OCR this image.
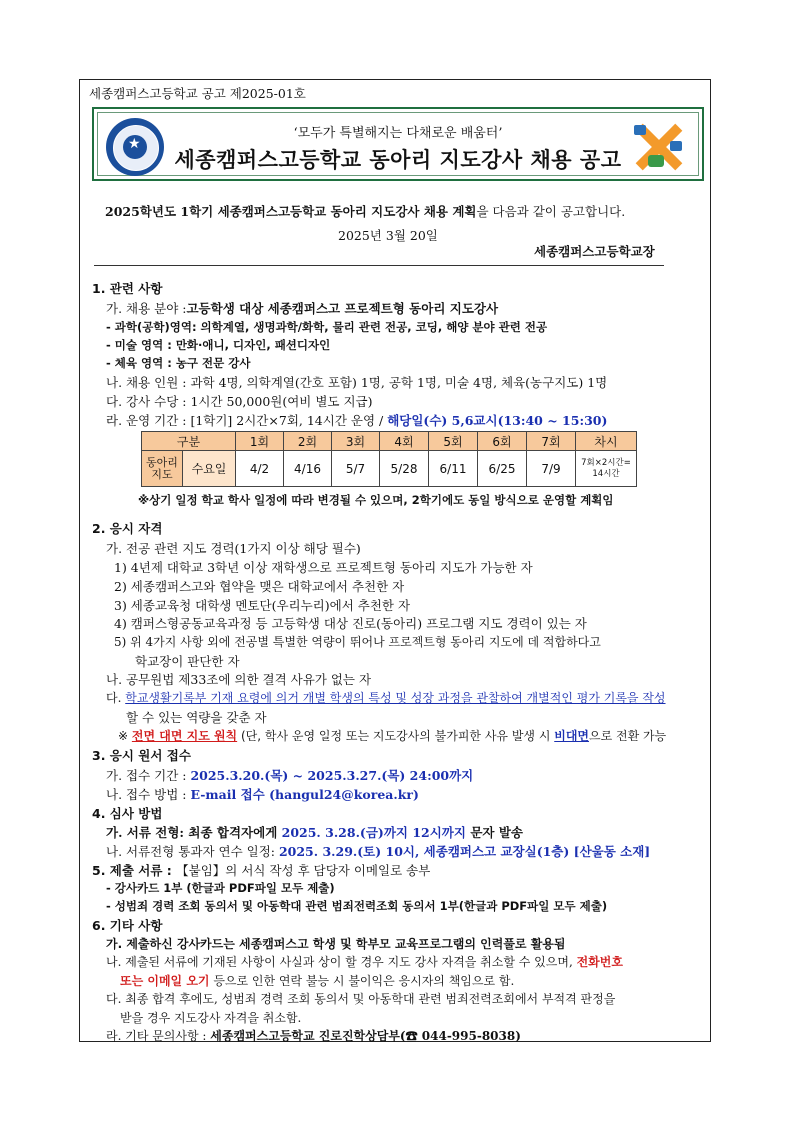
세종캠퍼스고등학교 공고 제2025-01호
★
‘모두가 특별해지는 다채로운 배움터’
세종캠퍼스고등학교 동아리 지도강사 채용 공고
2025학년도 1학기 세종캠퍼스고등학교 동아리 지도강사 채용 계획을 다음과 같이 공고합니다.
2025년 3월 20일
세종캠퍼스고등학교장
1. 관련 사항
가. 채용 분야 :고등학생 대상 세종캠퍼스고 프로젝트형 동아리 지도강사
- 과학(공학)영역: 의학계열, 생명과학/화학, 물리 관련 전공, 코딩, 해양 분야 관련 전공
- 미술 영역 : 만화·애니, 디자인, 패션디자인
- 체육 영역 : 농구 전문 강사
나. 채용 인원 : 과학 4명, 의학계열(간호 포함) 1명, 공학 1명, 미술 4명, 체육(농구지도) 1명
다. 강사 수당 : 1시간 50,000원(여비 별도 지급)
라. 운영 기간 : [1학기] 2시간×7회, 14시간 운영 / 해당일(수) 5,6교시(13:40 ~ 15:30)
구분		1회	2회	3회	4회	5회	6회	7회	차시
동아리 지도	수요일	4/2	4/16	5/7	5/28	6/11	6/25	7/9	7회×2시간=
14시간
※상기 일정 학교 학사 일정에 따라 변경될 수 있으며, 2학기에도 동일 방식으로 운영할 계획임
2. 응시 자격
가. 전공 관련 지도 경력(1가지 이상 해당 필수)
1) 4년제 대학교 3학년 이상 재학생으로 프로젝트형 동아리 지도가 가능한 자
2) 세종캠퍼스고와 협약을 맺은 대학교에서 추천한 자
3) 세종교육청 대학생 멘토단(우리누리)에서 추천한 자
4) 캠퍼스형공동교육과정 등 고등학생 대상 진로(동아리) 프로그램 지도 경력이 있는 자
5) 위 4가지 사항 외에 전공별 특별한 역량이 뛰어나 프로젝트형 동아리 지도에 데 적합하다고
학교장이 판단한 자
나. 공무원법 제33조에 의한 결격 사유가 없는 자
다. 학교생활기록부 기재 요령에 의거 개별 학생의 특성 및 성장 과정을 관찰하여 개별적인 평가 기록을 작성
할 수 있는 역량을 갖춘 자
※ 전면 대면 지도 원칙 (단, 학사 운영 일정 또는 지도강사의 불가피한 사유 발생 시 비대면으로 전환 가능
3. 응시 원서 접수
가. 접수 기간 : 2025.3.20.(목) ~ 2025.3.27.(목) 24:00까지
나. 접수 방법 : E-mail 접수 (hangul24@korea.kr)
4. 심사 방법
가. 서류 전형: 최종 합격자에게 2025. 3.28.(금)까지 12시까지 문자 발송
나. 서류전형 통과자 연수 일정: 2025. 3.29.(토) 10시, 세종캠퍼스고 교장실(1층) [산울동 소재]
5. 제출 서류 : 【붙임】의 서식 작성 후 담당자 이메일로 송부
- 강사카드 1부 (한글과 PDF파일 모두 제출)
- 성범죄 경력 조회 동의서 및 아동학대 관련 범죄전력조회 동의서 1부(한글과 PDF파일 모두 제출)
6. 기타 사항
가. 제출하신 강사카드는 세종캠퍼스고 학생 및 학부모 교육프로그램의 인력풀로 활용됨
나. 제출된 서류에 기재된 사항이 사실과 상이 할 경우 지도 강사 자격을 취소할 수 있으며, 전화번호
또는 이메일 오기 등으로 인한 연락 불능 시 불이익은 응시자의 책임으로 함.
다. 최종 합격 후에도, 성범죄 경력 조회 동의서 및 아동학대 관련 범죄전력조회에서 부적격 판정을
받을 경우 지도강사 자격을 취소함.
라. 기타 문의사항 : 세종캠퍼스고등학교 진로진학상담부(☎ 044-995-8038)
